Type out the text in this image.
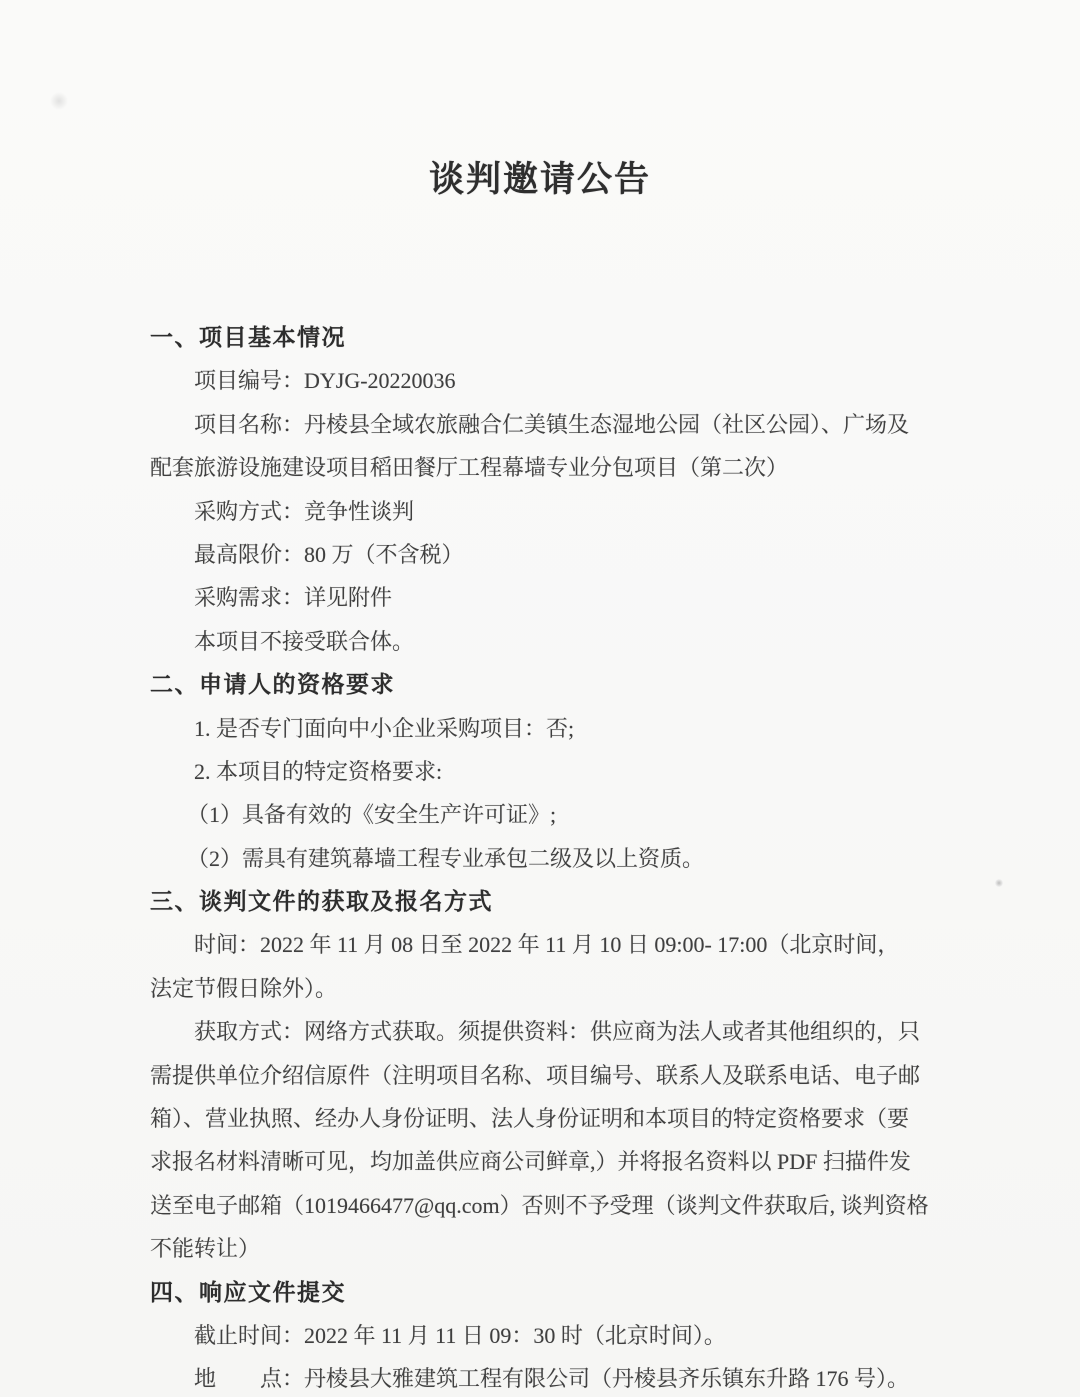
谈判邀请公告
一、项目基本情况
项目编号：DYJG-20220036
项目名称：丹棱县全域农旅融合仁美镇生态湿地公园（社区公园）、广场及
配套旅游设施建设项目稻田餐厅工程幕墙专业分包项目（第二次）
采购方式：竞争性谈判
最高限价：80 万（不含税）
采购需求：详见附件
本项目不接受联合体。
二、申请人的资格要求
1. 是否专门面向中小企业采购项目：否;
2. 本项目的特定资格要求:
（1）具备有效的《安全生产许可证》;
（2）需具有建筑幕墙工程专业承包二级及以上资质。
三、谈判文件的获取及报名方式
时间：2022 年 11 月 08 日至 2022 年 11 月 10 日 09:00- 17:00（北京时间，
法定节假日除外）。
获取方式：网络方式获取。须提供资料：供应商为法人或者其他组织的，只
需提供单位介绍信原件（注明项目名称、项目编号、联系人及联系电话、电子邮
箱）、营业执照、经办人身份证明、法人身份证明和本项目的特定资格要求（要
求报名材料清晰可见，均加盖供应商公司鲜章,）并将报名资料以 PDF 扫描件发
送至电子邮箱（1019466477@qq.com）否则不予受理（谈判文件获取后, 谈判资格
不能转让）
四、响应文件提交
截止时间：2022 年 11 月 11 日 09：30 时（北京时间）。
地　　点：丹棱县大雅建筑工程有限公司（丹棱县齐乐镇东升路 176 号）。
